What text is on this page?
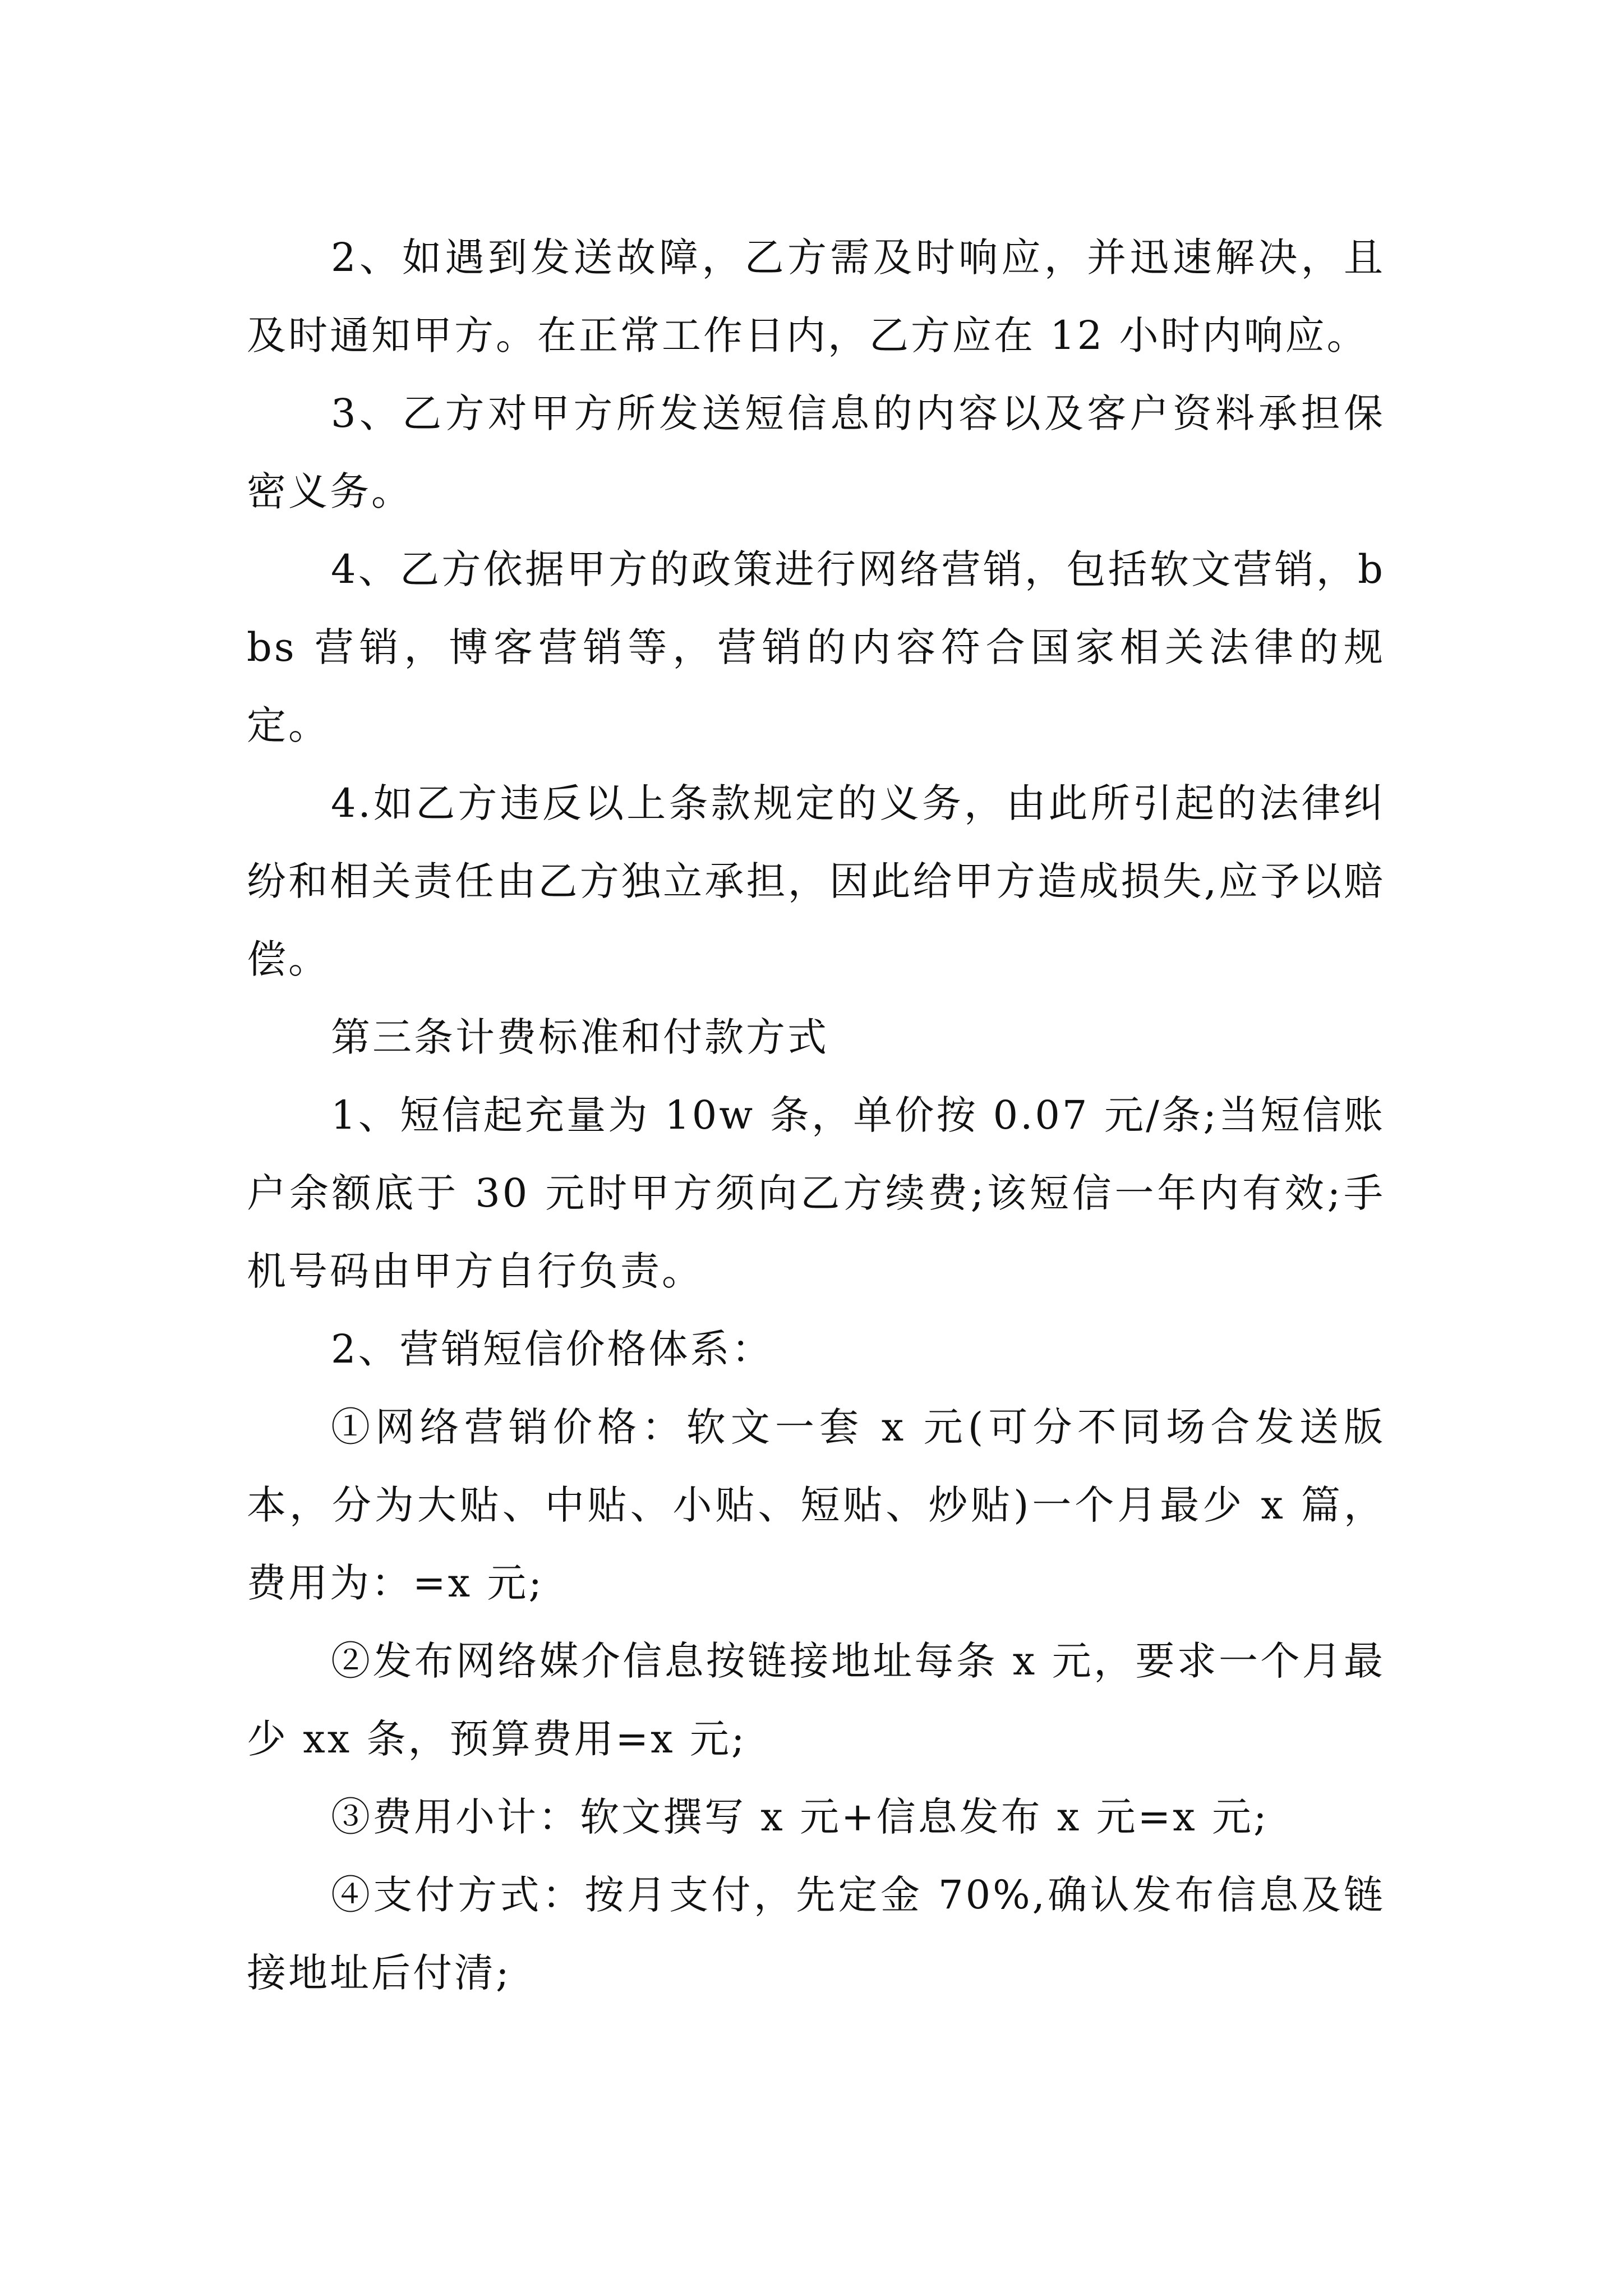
2、如遇到发送故障，乙方需及时响应，并迅速解决，且及时通知甲方。在正常工作日内，乙方应在 12 小时内响应。

3、乙方对甲方所发送短信息的内容以及客户资料承担保密义务。

4、乙方依据甲方的政策进行网络营销，包括软文营销，bbs 营销，博客营销等，营销的内容符合国家相关法律的规定。

4.如乙方违反以上条款规定的义务，由此所引起的法律纠纷和相关责任由乙方独立承担，因此给甲方造成损失,应予以赔偿。

第三条计费标准和付款方式

1、短信起充量为 10w 条，单价按 0.07 元/条;当短信账户余额底于 30 元时甲方须向乙方续费;该短信一年内有效;手机号码由甲方自行负责。

2、营销短信价格体系：

①网络营销价格：软文一套 x 元(可分不同场合发送版本，分为大贴、中贴、小贴、短贴、炒贴)一个月最少 x 篇，费用为：=x 元;

②发布网络媒介信息按链接地址每条 x 元，要求一个月最少 xx 条，预算费用=x 元;

③费用小计：软文撰写 x 元+信息发布 x 元=x 元;

④支付方式：按月支付，先定金 70%,确认发布信息及链接地址后付清;
